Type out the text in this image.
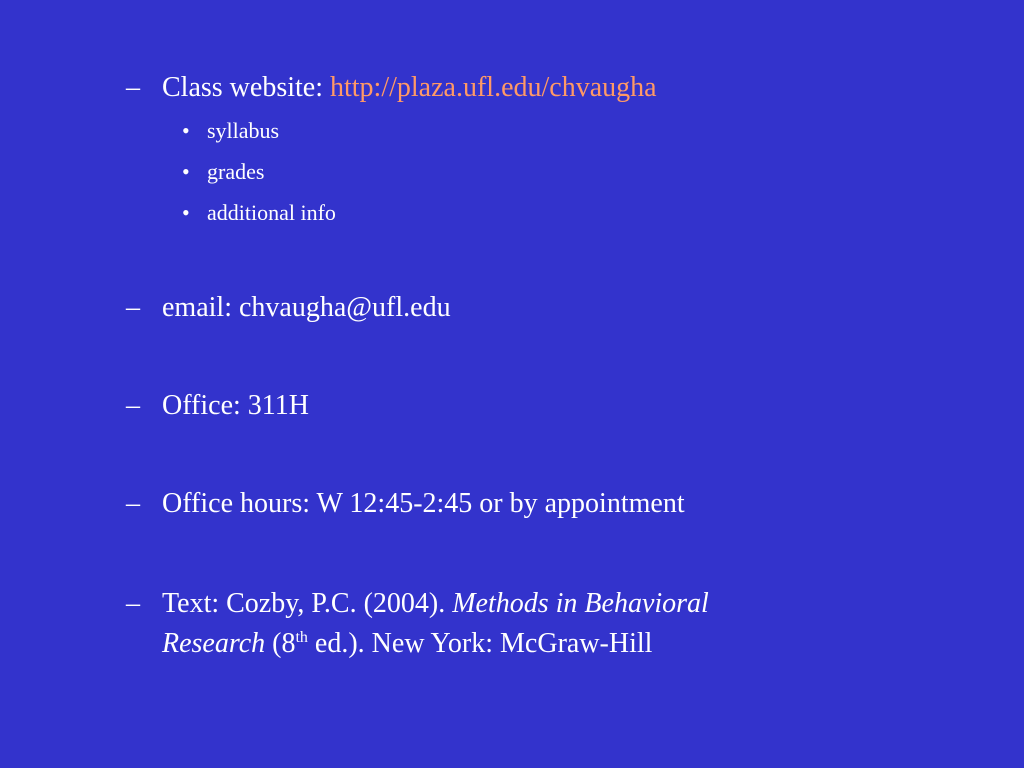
– Class website: http://plaza.ufl.edu/chvaugha
• syllabus
• grades
• additional info
– email: chvaugha@ufl.edu
– Office: 311H
– Office hours: W 12:45-2:45 or by appointment
– Text: Cozby, P.C. (2004). Methods in Behavioral
Research (8th ed.). New York: McGraw-Hill
